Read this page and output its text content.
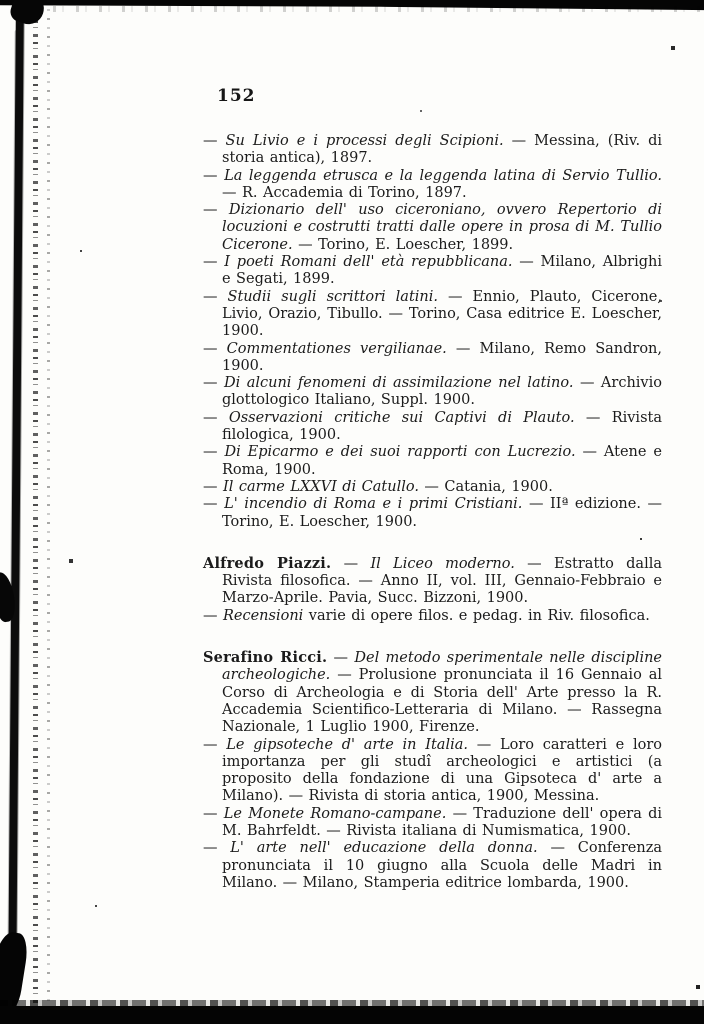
152
— Su Livio e i processi degli Scipioni. — Messina, (Riv. di storia antica), 1897.
— La leggenda etrusca e la leggenda latina di Servio Tullio. — R. Accademia di Torino, 1897.
— Dizionario dell' uso ciceroniano, ovvero Repertorio di locuzioni e costrutti tratti dalle opere in prosa di M. Tullio Cicerone. — Torino, E. Loescher, 1899.
— I poeti Romani dell' età repubblicana. — Milano, Albrighi e Segati, 1899.
— Studii sugli scrittori latini. — Ennio, Plauto, Cicerone, Livio, Orazio, Tibullo. — Torino, Casa editrice E. Loescher, 1900.
— Commentationes vergilianae. — Milano, Remo Sandron, 1900.
— Di alcuni fenomeni di assimilazione nel latino. — Archivio glottologico Italiano, Suppl. 1900.
— Osservazioni critiche sui Captivi di Plauto. — Rivista filologica, 1900.
— Di Epicarmo e dei suoi rapporti con Lucrezio. — Atene e Roma, 1900.
— Il carme LXXVI di Catullo. — Catania, 1900.
— L' incendio di Roma e i primi Cristiani. — IIª edizione. — Torino, E. Loescher, 1900.
Alfredo Piazzi. — Il Liceo moderno. — Estratto dalla Rivista filosofica. — Anno II, vol. III, Gennaio-Febbraio e Marzo-Aprile. Pavia, Succ. Bizzoni, 1900.
— Recensioni varie di opere filos. e pedag. in Riv. filosofica.
Serafino Ricci. — Del metodo sperimentale nelle discipline archeologiche. — Prolusione pronunciata il 16 Gennaio al Corso di Archeologia e di Storia dell' Arte presso la R. Accademia Scientifico-Letteraria di Milano. — Rassegna Nazionale, 1 Luglio 1900, Firenze.
— Le gipsoteche d' arte in Italia. — Loro caratteri e loro importanza per gli studî archeologici e artistici (a proposito della fondazione di una Gipsoteca d' arte a Milano). — Rivista di storia antica, 1900, Messina.
— Le Monete Romano-campane. — Traduzione dell' opera di M. Bahrfeldt. — Rivista italiana di Numismatica, 1900.
— L' arte nell' educazione della donna. — Conferenza pronunciata il 10 giugno alla Scuola delle Madri in Milano. — Milano, Stamperia editrice lombarda, 1900.
